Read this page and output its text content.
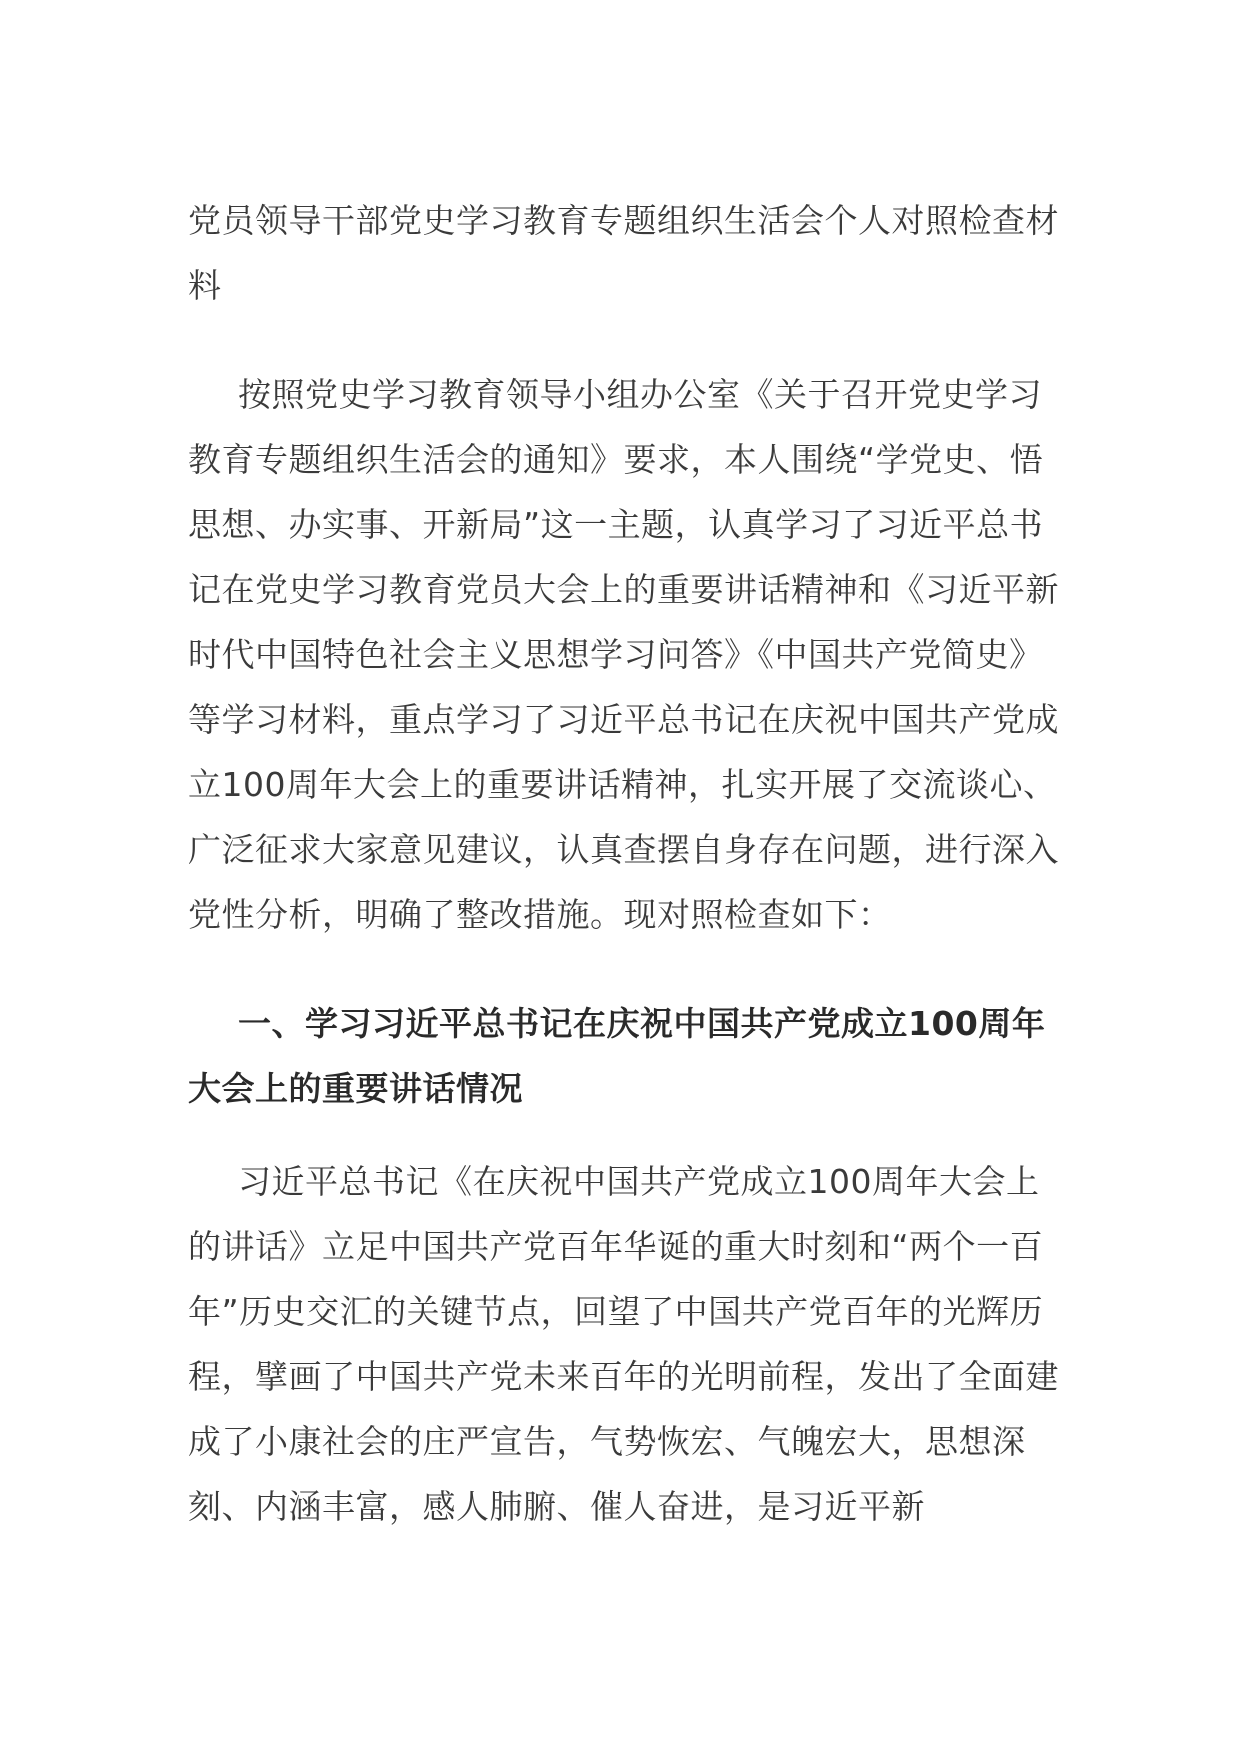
党员领导干部党史学习教育专题组织生活会个人对照检查材料

按照党史学习教育领导小组办公室《关于召开党史学习教育专题组织生活会的通知》要求，本人围绕“学党史、悟思想、办实事、开新局”这一主题，认真学习了习近平总书记在党史学习教育党员大会上的重要讲话精神和《习近平新时代中国特色社会主义思想学习问答》《中国共产党简史》等学习材料，重点学习了习近平总书记在庆祝中国共产党成立100周年大会上的重要讲话精神，扎实开展了交流谈心、广泛征求大家意见建议，认真查摆自身存在问题，进行深入党性分析，明确了整改措施。现对照检查如下：

一、学习习近平总书记在庆祝中国共产党成立100周年大会上的重要讲话情况

习近平总书记《在庆祝中国共产党成立100周年大会上的讲话》立足中国共产党百年华诞的重大时刻和“两个一百年”历史交汇的关键节点，回望了中国共产党百年的光辉历程，擘画了中国共产党未来百年的光明前程，发出了全面建成了小康社会的庄严宣告，气势恢宏、气魄宏大，思想深刻、内涵丰富，感人肺腑、催人奋进，是习近平新
